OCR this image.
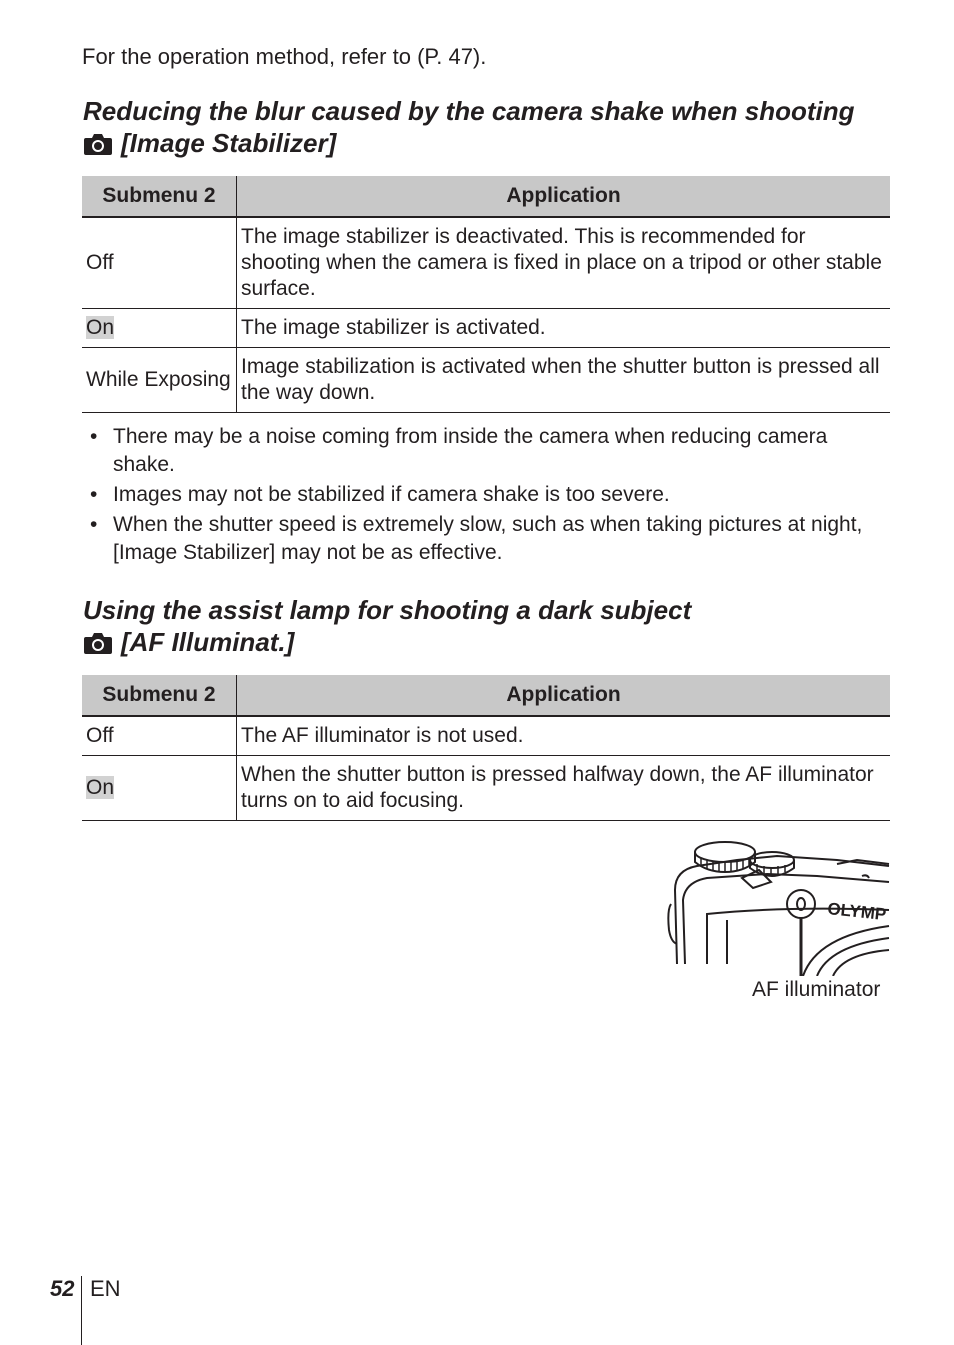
For the operation method, refer to (P. 47).
Reducing the blur caused by the camera shake when shooting
[Image Stabilizer]
Submenu 2	Application
Off	The image stabilizer is deactivated. This is recommended for shooting when the camera is fixed in place on a tripod or other stable surface.
On	The image stabilizer is activated.
While Exposing	Image stabilization is activated when the shutter button is pressed all the way down.
• There may be a noise coming from inside the camera when reducing camera shake.
• Images may not be stabilized if camera shake is too severe.
• When the shutter speed is extremely slow, such as when taking pictures at night, [Image Stabilizer] may not be as effective.
Using the assist lamp for shooting a dark subject
[AF Illuminat.]
Submenu 2	Application
Off	The AF illuminator is not used.
On	When the shutter button is pressed halfway down, the AF illuminator turns on to aid focusing.
OLYMP
AF illuminator
52 EN
